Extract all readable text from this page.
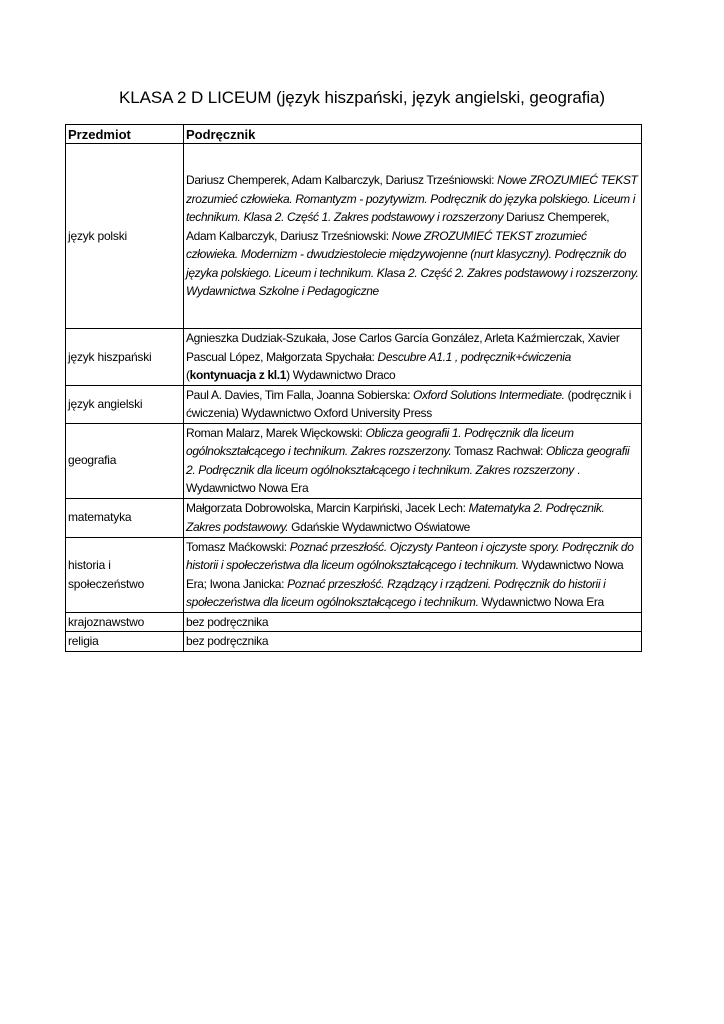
KLASA 2 D LICEUM (język hiszpański, język angielski, geografia)
Przedmiot	Podręcznik
język polski	Dariusz Chemperek, Adam Kalbarczyk, Dariusz Trześniowski: Nowe ZROZUMIEĆ TEKST zrozumieć człowieka. Romantyzm - pozytywizm. Podręcznik do języka polskiego. Liceum i technikum. Klasa 2. Część 1. Zakres podstawowy i rozszerzony Dariusz Chemperek, Adam Kalbarczyk, Dariusz Trześniowski: Nowe ZROZUMIEĆ TEKST zrozumieć człowieka. Modernizm - dwudziestolecie międzywojenne (nurt klasyczny). Podręcznik do języka polskiego. Liceum i technikum. Klasa 2. Część 2. Zakres podstawowy i rozszerzony. Wydawnictwa Szkolne i Pedagogiczne
język hiszpański	Agnieszka Dudziak-Szukała, Jose Carlos García González, Arleta Kaźmierczak, Xavier Pascual López, Małgorzata Spychała: Descubre A1.1 , podręcznik+ćwiczenia (kontynuacja z kl.1) Wydawnictwo Draco
język angielski	Paul A. Davies, Tim Falla, Joanna Sobierska: Oxford Solutions Intermediate. (podręcznik i ćwiczenia) Wydawnictwo Oxford University Press
geografia	Roman Malarz, Marek Więckowski: Oblicza geografii 1. Podręcznik dla liceum ogólnokształcącego i technikum. Zakres rozszerzony. Tomasz Rachwał: Oblicza geografii 2. Podręcznik dla liceum ogólnokształcącego i technikum. Zakres rozszerzony . Wydawnictwo Nowa Era
matematyka	Małgorzata Dobrowolska, Marcin Karpiński, Jacek Lech: Matematyka 2. Podręcznik. Zakres podstawowy. Gdańskie Wydawnictwo Oświatowe
historia i społeczeństwo	Tomasz Maćkowski: Poznać przeszłość. Ojczysty Panteon i ojczyste spory. Podręcznik do historii i społeczeństwa dla liceum ogólnokształcącego i technikum. Wydawnictwo Nowa Era; Iwona Janicka: Poznać przeszłość. Rządzący i rządzeni. Podręcznik do historii i społeczeństwa dla liceum ogólnokształcącego i technikum. Wydawnictwo Nowa Era
krajoznawstwo	bez podręcznika
religia	bez podręcznika
